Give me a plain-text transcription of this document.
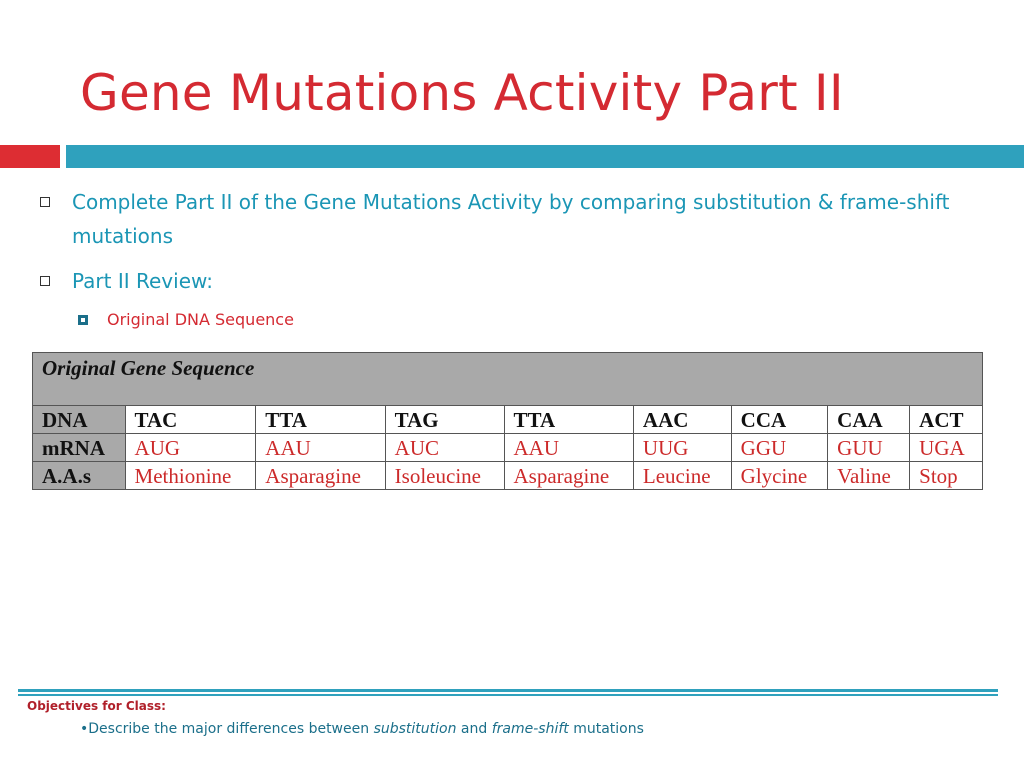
Gene Mutations Activity Part II
Complete Part II of the Gene Mutations Activity by comparing substitution & frame-shift mutations
Part II Review:
Original DNA Sequence
Original Gene Sequence								
DNA	TAC	TTA	TAG	TTA	AAC	CCA	CAA	ACT
mRNA	AUG	AAU	AUC	AAU	UUG	GGU	GUU	UGA
A.A.s	Methionine	Asparagine	Isoleucine	Asparagine	Leucine	Glycine	Valine	Stop
Objectives for Class:
•Describe the major differences between substitution and frame-shift mutations
